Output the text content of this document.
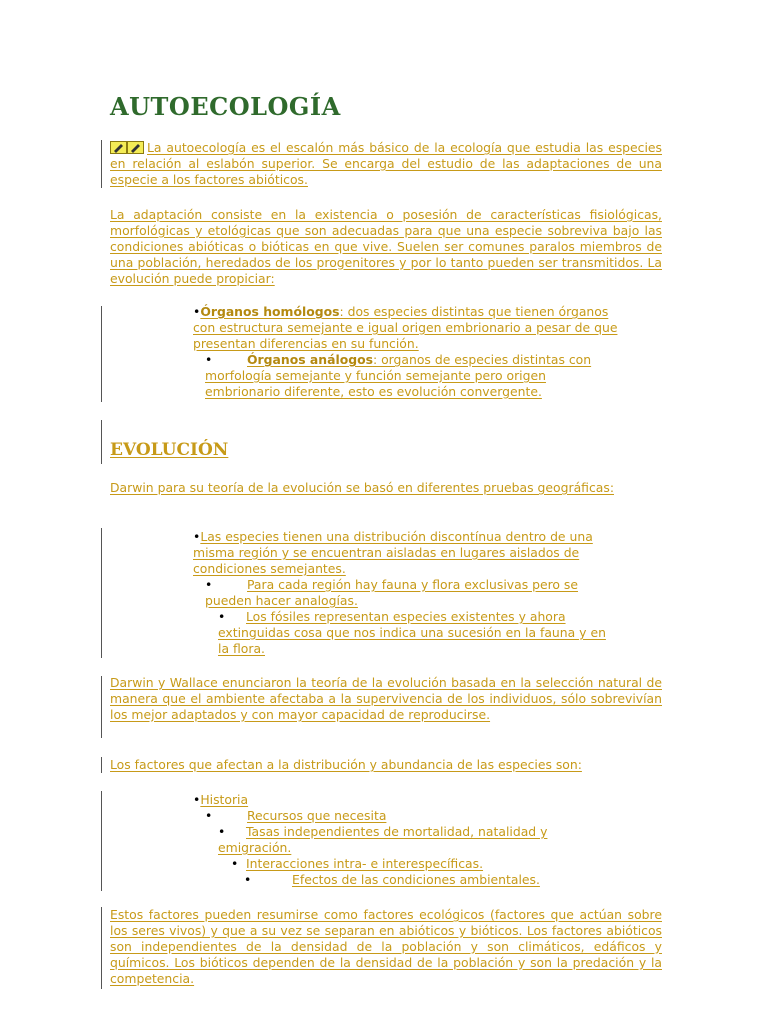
AUTOECOLOGÍA

La autoecología es el escalón más básico de la ecología que estudia las especies en relación al eslabón superior. Se encarga del estudio de las adaptaciones de una especie a los factores abióticos.

La adaptación consiste en la existencia o posesión de características fisiológicas, morfológicas y etológicas que son adecuadas para que una especie sobreviva bajo las condiciones abióticas o bióticas en que vive. Suelen ser comunes paralos miembros de una población, heredados de los progenitores y por lo tanto pueden ser transmitidos. La evolución puede propiciar:

•Órganos homólogos: dos especies distintas que tienen órganos
con estructura semejante e igual origen embrionario a pesar de que
presentan diferencias en su función.
•	Órganos análogos: organos de especies distintas con
morfología semejante y función semejante pero origen
embrionario diferente, esto es evolución convergente.
EVOLUCIÓN

Darwin para su teoría de la evolución se basó en diferentes pruebas geográficas:

•Las especies tienen una distribución discontínua dentro de una
misma región y se encuentran aisladas en lugares aislados de
condiciones semejantes.
•	Para cada región hay fauna y flora exclusivas pero se
pueden hacer analogías.
• Los fósiles representan especies existentes y ahora
extinguidas cosa que nos indica una sucesión en la fauna y en
la flora.

Darwin y Wallace enunciaron la teoría de la evolución basada en la selección natural de manera que el ambiente afectaba a la supervivencia de los individuos, sólo sobrevivían los mejor adaptados y con mayor capacidad de reproducirse.

Los factores que afectan a la distribución y abundancia de las especies son:

•Historia
•	Recursos que necesita
• Tasas independientes de mortalidad, natalidad y
emigración.
• Interacciones intra- e interespecíficas.
•	Efectos de las condiciones ambientales.

Estos factores pueden resumirse como factores ecológicos (factores que actúan sobre los seres vivos) y que a su vez se separan en abióticos y bióticos. Los factores abióticos son independientes de la densidad de la población y son climáticos, edáficos y químicos. Los bióticos dependen de la densidad de la población y son la predación y la competencia.
